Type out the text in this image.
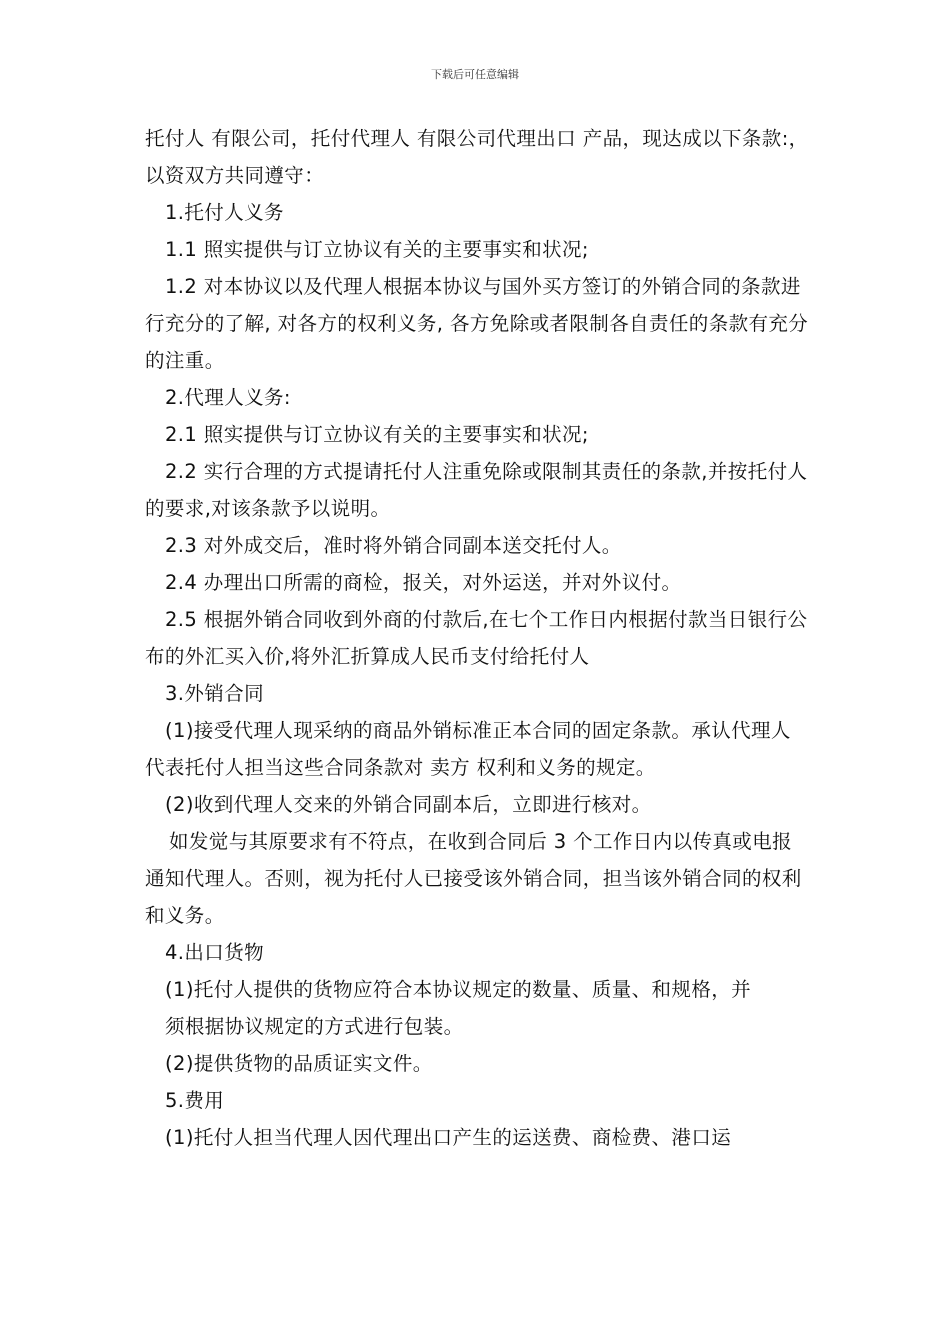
下载后可任意编辑

托付人 有限公司，托付代理人 有限公司代理出口 产品，现达成以下条款:，以资双方共同遵守：

1.托付人义务

1.1 照实提供与订立协议有关的主要事实和状况;

1.2 对本协议以及代理人根据本协议与国外买方签订的外销合同的条款进行充分的了解, 对各方的权利义务, 各方免除或者限制各自责任的条款有充分的注重。

2.代理人义务:

2.1 照实提供与订立协议有关的主要事实和状况;

2.2 实行合理的方式提请托付人注重免除或限制其责任的条款,并按托付人的要求,对该条款予以说明。

2.3 对外成交后，准时将外销合同副本送交托付人。

2.4 办理出口所需的商检，报关，对外运送，并对外议付。

2.5 根据外销合同收到外商的付款后,在七个工作日内根据付款当日银行公布的外汇买入价,将外汇折算成人民币支付给托付人

3.外销合同

(1)接受代理人现采纳的商品外销标准正本合同的固定条款。承认代理人代表托付人担当这些合同条款对 卖方 权利和义务的规定。

(2)收到代理人交来的外销合同副本后，立即进行核对。

如发觉与其原要求有不符点，在收到合同后 3 个工作日内以传真或电报通知代理人。否则，视为托付人已接受该外销合同，担当该外销合同的权利和义务。

4.出口货物

(1)托付人提供的货物应符合本协议规定的数量、质量、和规格，并

须根据协议规定的方式进行包装。

(2)提供货物的品质证实文件。

5.费用

(1)托付人担当代理人因代理出口产生的运送费、商检费、港口运
